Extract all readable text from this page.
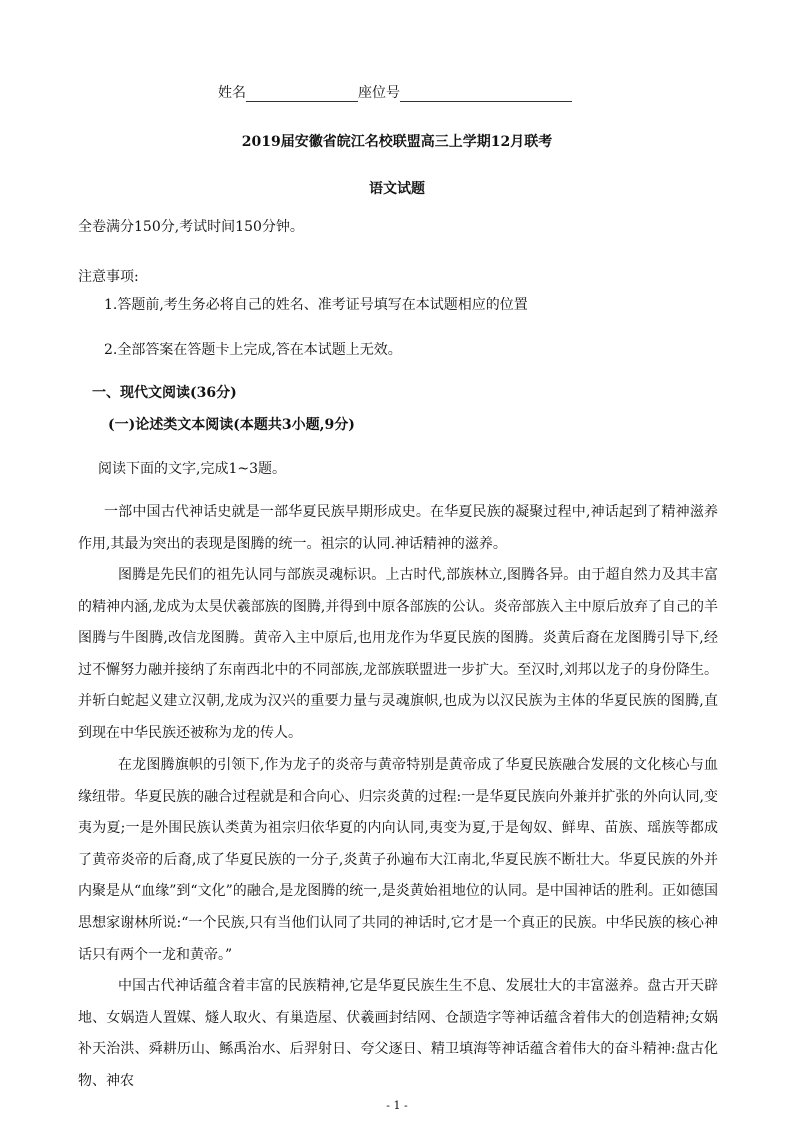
姓名	座位号
2019届安徽省皖江名校联盟高三上学期12月联考
语文试题
全卷满分150分,考试时间150分钟。
注意事项:
1.答题前,考生务必将自己的姓名、准考证号填写在本试题相应的位置
2.全部答案在答题卡上完成,答在本试题上无效。
一、现代文阅读(36分)
(一)论述类文本阅读(本题共3小题,9分)
阅读下面的文字,完成1~3题。
一部中国古代神话史就是一部华夏民族早期形成史。在华夏民族的凝聚过程中,神话起到了精神滋养作用,其最为突出的表现是图腾的统一。祖宗的认同.神话精神的滋养。
图腾是先民们的祖先认同与部族灵魂标识。上古时代,部族林立,图腾各异。由于超自然力及其丰富的精神内涵,龙成为太昊伏羲部族的图腾,并得到中原各部族的公认。炎帝部族入主中原后放弃了自己的羊图腾与牛图腾,改信龙图腾。黄帝入主中原后,也用龙作为华夏民族的图腾。炎黄后裔在龙图腾引导下,经过不懈努力融并接纳了东南西北中的不同部族,龙部族联盟进一步扩大。至汉时,刘邦以龙子的身份降生。并斩白蛇起义建立汉朝,龙成为汉兴的重要力量与灵魂旗帜,也成为以汉民族为主体的华夏民族的图腾,直到现在中华民族还被称为龙的传人。
在龙图腾旗帜的引领下,作为龙子的炎帝与黄帝特别是黄帝成了华夏民族融合发展的文化核心与血缘纽带。华夏民族的融合过程就是和合向心、归宗炎黄的过程:一是华夏民族向外兼并扩张的外向认同,变夷为夏;一是外围民族认类黄为祖宗归依华夏的内向认同,夷变为夏,于是匈奴、鲜卑、苗族、瑶族等都成了黄帝炎帝的后裔,成了华夏民族的一分子,炎黄子孙遍布大江南北,华夏民族不断壮大。华夏民族的外并内聚是从“血缘”到“文化”的融合,是龙图腾的统一,是炎黄始祖地位的认同。是中国神话的胜利。正如德国思想家谢林所说:“一个民族,只有当他们认同了共同的神话时,它才是一个真正的民族。中华民族的核心神话只有两个一龙和黄帝。”
中国古代神话蕴含着丰富的民族精神,它是华夏民族生生不息、发展壮大的丰富滋养。盘古开天辟地、女娲造人置媒、燧人取火、有巢造屋、伏羲画封结网、仓颉造字等神话蕴含着伟大的创造精神;女娲补天治洪、舜耕历山、鲧禹治水、后羿射日、夸父逐日、精卫填海等神话蕴含着伟大的奋斗精神:盘古化物、神农
- 1 -
